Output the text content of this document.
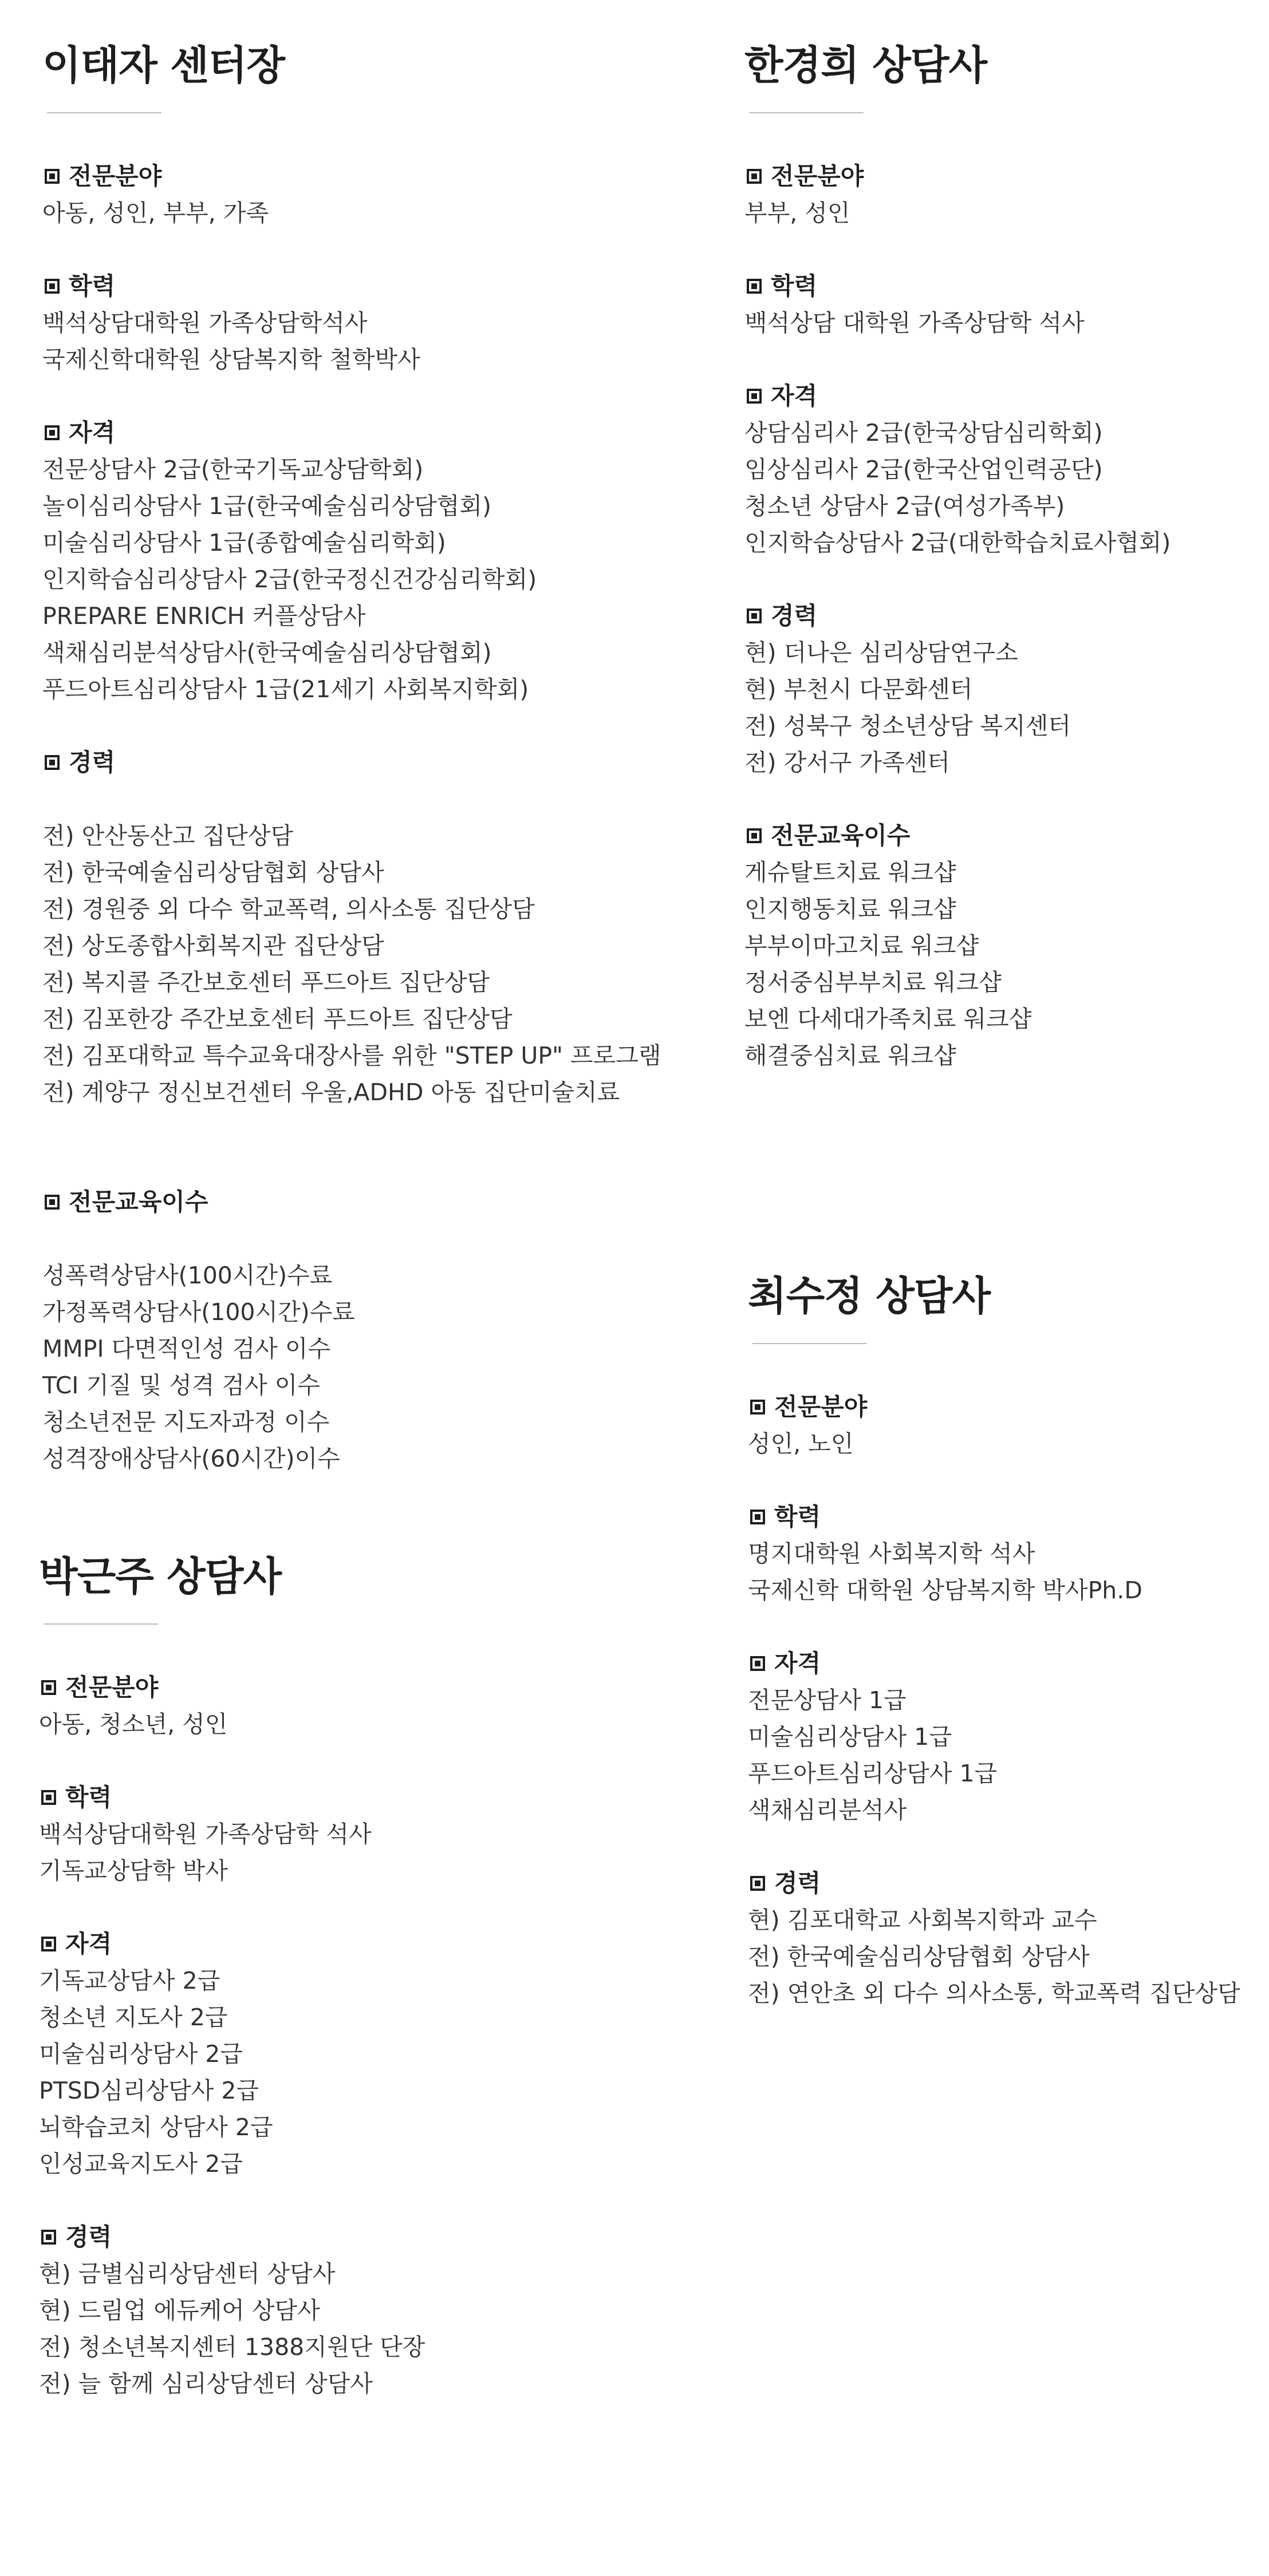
이태자 센터장
전문분야
아동, 성인, 부부, 가족
학력
백석상담대학원 가족상담학석사
국제신학대학원 상담복지학 철학박사
자격
전문상담사 2급(한국기독교상담학회)
놀이심리상담사 1급(한국예술심리상담협회)
미술심리상담사 1급(종합예술심리학회)
인지학습심리상담사 2급(한국정신건강심리학회)
PREPARE ENRICH 커플상담사
색채심리분석상담사(한국예술심리상담협회)
푸드아트심리상담사 1급(21세기 사회복지학회)
경력
전) 안산동산고 집단상담
전) 한국예술심리상담협회 상담사
전) 경원중 외 다수 학교폭력, 의사소통 집단상담
전) 상도종합사회복지관 집단상담
전) 복지콜 주간보호센터 푸드아트 집단상담
전) 김포한강 주간보호센터 푸드아트 집단상담
전) 김포대학교 특수교육대장사를 위한 "STEP UP" 프로그램
전) 계양구 정신보건센터 우울,ADHD 아동 집단미술치료
전문교육이수
성폭력상담사(100시간)수료
가정폭력상담사(100시간)수료
MMPI 다면적인성 검사 이수
TCI 기질 및 성격 검사 이수
청소년전문 지도자과정 이수
성격장애상담사(60시간)이수
박근주 상담사
전문분야
아동, 청소년, 성인
학력
백석상담대학원 가족상담학 석사
기독교상담학 박사
자격
기독교상담사 2급
청소년 지도사 2급
미술심리상담사 2급
PTSD심리상담사 2급
뇌학습코치 상담사 2급
인성교육지도사 2급
경력
현) 금별심리상담센터 상담사
현) 드림업 에듀케어 상담사
전) 청소년복지센터 1388지원단 단장
전) 늘 함께 심리상담센터 상담사
한경희 상담사
전문분야
부부, 성인
학력
백석상담 대학원 가족상담학 석사
자격
상담심리사 2급(한국상담심리학회)
임상심리사 2급(한국산업인력공단)
청소년 상담사 2급(여성가족부)
인지학습상담사 2급(대한학습치료사협회)
경력
현) 더나은 심리상담연구소
현) 부천시 다문화센터
전) 성북구 청소년상담 복지센터
전) 강서구 가족센터
전문교육이수
게슈탈트치료 워크샵
인지행동치료 워크샵
부부이마고치료 워크샵
정서중심부부치료 워크샵
보엔 다세대가족치료 워크샵
해결중심치료 워크샵
최수정 상담사
전문분야
성인, 노인
학력
명지대학원 사회복지학 석사
국제신학 대학원 상담복지학 박사Ph.D
자격
전문상담사 1급
미술심리상담사 1급
푸드아트심리상담사 1급
색채심리분석사
경력
현) 김포대학교 사회복지학과 교수
전) 한국예술심리상담협회 상담사
전) 연안초 외 다수 의사소통, 학교폭력 집단상담
